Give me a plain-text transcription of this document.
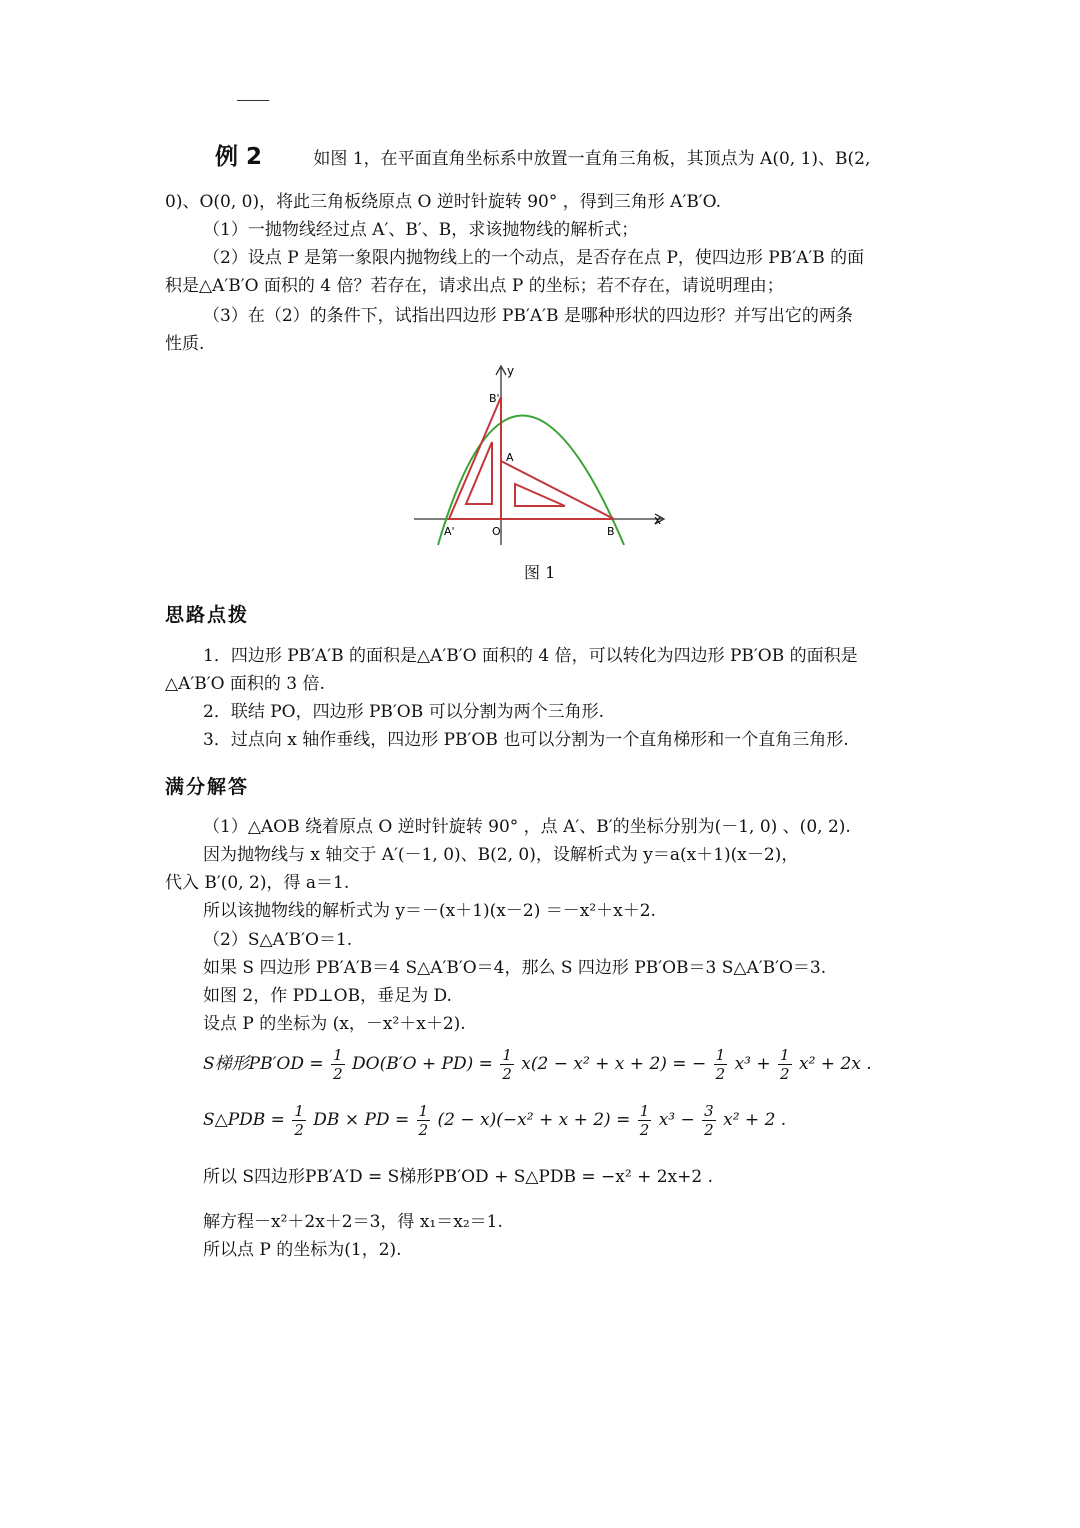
例 2	如图 1，在平面直角坐标系中放置一直角三角板，其顶点为 A(0, 1)、B(2,
0)、O(0, 0)，将此三角板绕原点 O 逆时针旋转 90° ，得到三角形 A′B′O.
（1）一抛物线经过点 A′、B′、B，求该抛物线的解析式；
（2）设点 P 是第一象限内抛物线上的一个动点，是否存在点 P，使四边形 PB′A′B 的面
积是△A′B′O 面积的 4 倍？若存在，请求出点 P 的坐标；若不存在，请说明理由；
（3）在（2）的条件下，试指出四边形 PB′A′B 是哪种形状的四边形？并写出它的两条
性质.
y
x
B'
A
A'	O	B
图 1
思路点拨
1．四边形 PB′A′B 的面积是△A′B′O 面积的 4 倍，可以转化为四边形 PB′OB 的面积是
△A′B′O 面积的 3 倍.
2．联结 PO，四边形 PB′OB 可以分割为两个三角形.
3．过点向 x 轴作垂线，四边形 PB′OB 也可以分割为一个直角梯形和一个直角三角形.
满分解答
（1）△AOB 绕着原点 O 逆时针旋转 90° ，点 A′、B′的坐标分别为(－1, 0) 、(0, 2).
因为抛物线与 x 轴交于 A′(－1, 0)、B(2, 0)，设解析式为 y＝a(x＋1)(x－2)，
代入 B′(0, 2)，得 a＝1.
所以该抛物线的解析式为 y＝－(x＋1)(x－2) ＝－x²＋x＋2.
（2）S△A′B′O＝1.
如果 S 四边形 PB′A′B＝4 S△A′B′O＝4，那么 S 四边形 PB′OB＝3 S△A′B′O＝3.
如图 2，作 PD⊥OB，垂足为 D.
设点 P 的坐标为 (x，－x²＋x＋2).
S梯形$PB'OD = \frac{1}{2} DO(B'O + PD) = \frac{1}{2} x(2 - x^2 + x + 2)$ = − $\frac{1}{2} x^3 + \frac{1}{2} x^2 + 2x$ .
S△PDB = $\frac{1}{2}$ DB × PD = $\frac{1}{2} (2 - x)(-x^2 + x + 2) = \frac{1}{2} x^3 - \frac{3}{2} x^2 + 2$ .
所以 S四边形PB′A′D = S梯形PB′OD + S△PDB = −x² + 2x+2 .
解方程－x²＋2x＋2＝3，得 x₁＝x₂＝1.
所以点 P 的坐标为(1，2).
